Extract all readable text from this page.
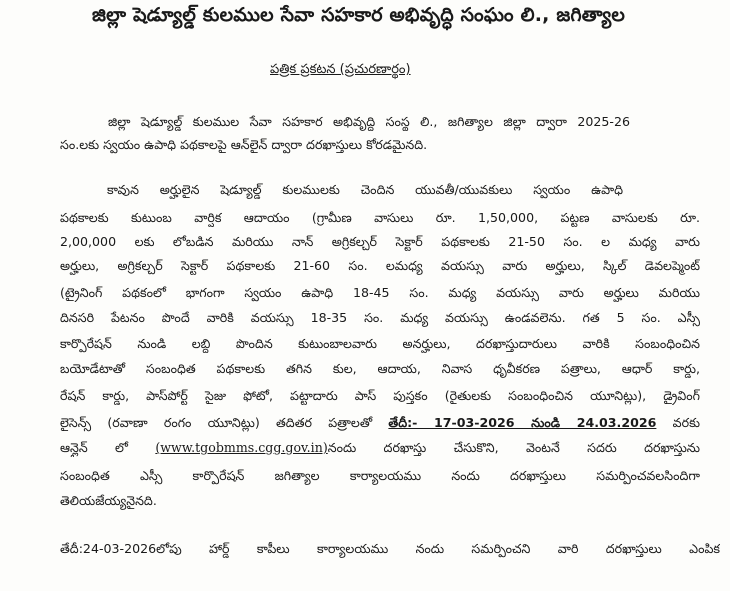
జిల్లా షెడ్యూల్డ్ కులముల సేవా సహకార అభివృద్ధి సంఘం లి., జగిత్యాల
పత్రిక ప్రకటన (ప్రచురణార్థం)
జిల్లా షెడ్యూల్డ్ కులముల సేవా సహకార అభివృద్ధి సంస్థ లి., జగిత్యాల జిల్లా ద్వారా 2025-26
సం.లకు స్వయం ఉపాధి పథకాలపై ఆన్‌లైన్ ద్వారా దరఖాస్తులు కోరడమైనది.
కావున అర్హులైన షెడ్యూల్డ్ కులములకు చెందిన యువతీ/యువకులు స్వయం ఉపాధి
పథకాలకు కుటుంబ వార్షిక ఆదాయం (గ్రామీణ వాసులు రూ. 1,50,000, పట్టణ వాసులకు రూ.
2,00,000 లకు లోబడిన మరియు నాన్ అగ్రికల్చర్ సెక్టార్ పథకాలకు 21-50 సం. ల మధ్య వారు
అర్హులు, అగ్రికల్చర్ సెక్టార్ పథకాలకు 21-60 సం. లమధ్య వయస్సు వారు అర్హులు, స్కిల్ డెవలప్మెంట్
(ట్రైనింగ్ పథకంలో భాగంగా స్వయం ఉపాధి 18-45 సం. మధ్య వయస్సు వారు అర్హులు మరియు
దినసరి పేటనం పొందే వారికి వయస్సు 18-35 సం. మధ్య వయస్సు ఉండవలెను. గత 5 సం. ఎస్సీ
కార్పొరేషన్ నుండి లబ్ధి పొందిన కుటుంబాలవారు అనర్హులు, దరఖాస్తుదారులు వారికి సంబంధించిన
బయోడేటాతో సంబంధిత పథకాలకు తగిన కుల, ఆదాయ, నివాస ధృవీకరణ పత్రాలు, ఆధార్ కార్డు,
రేషన్ కార్డు, పాస్‌పోర్ట్ సైజు ఫోటో, పట్టాదారు పాస్ పుస్తకం (రైతులకు సంబంధించిన యూనిట్లు), డ్రైవింగ్
లైసెన్స్ (రవాణా రంగం యూనిట్లు) తదితర పత్రాలతో తేదీ:- 17-03-2026 నుండి 24.03.2026 వరకు
ఆన్లైన్ లో (www.tgobmms.cgg.gov.in)నందు దరఖాస్తు చేసుకొని, వెంటనే సదరు దరఖాస్తును
సంబంధిత ఎస్సీ కార్పొరేషన్ జగిత్యాల కార్యాలయము నందు దరఖాస్తులు సమర్పించవలసిందిగా
తెలియజేయ్యనైనది.
తేదీ:24-03-2026లోపు హార్డ్ కాపీలు కార్యాలయము నందు సమర్పించని వారి దరఖాస్తులు ఎంపిక
